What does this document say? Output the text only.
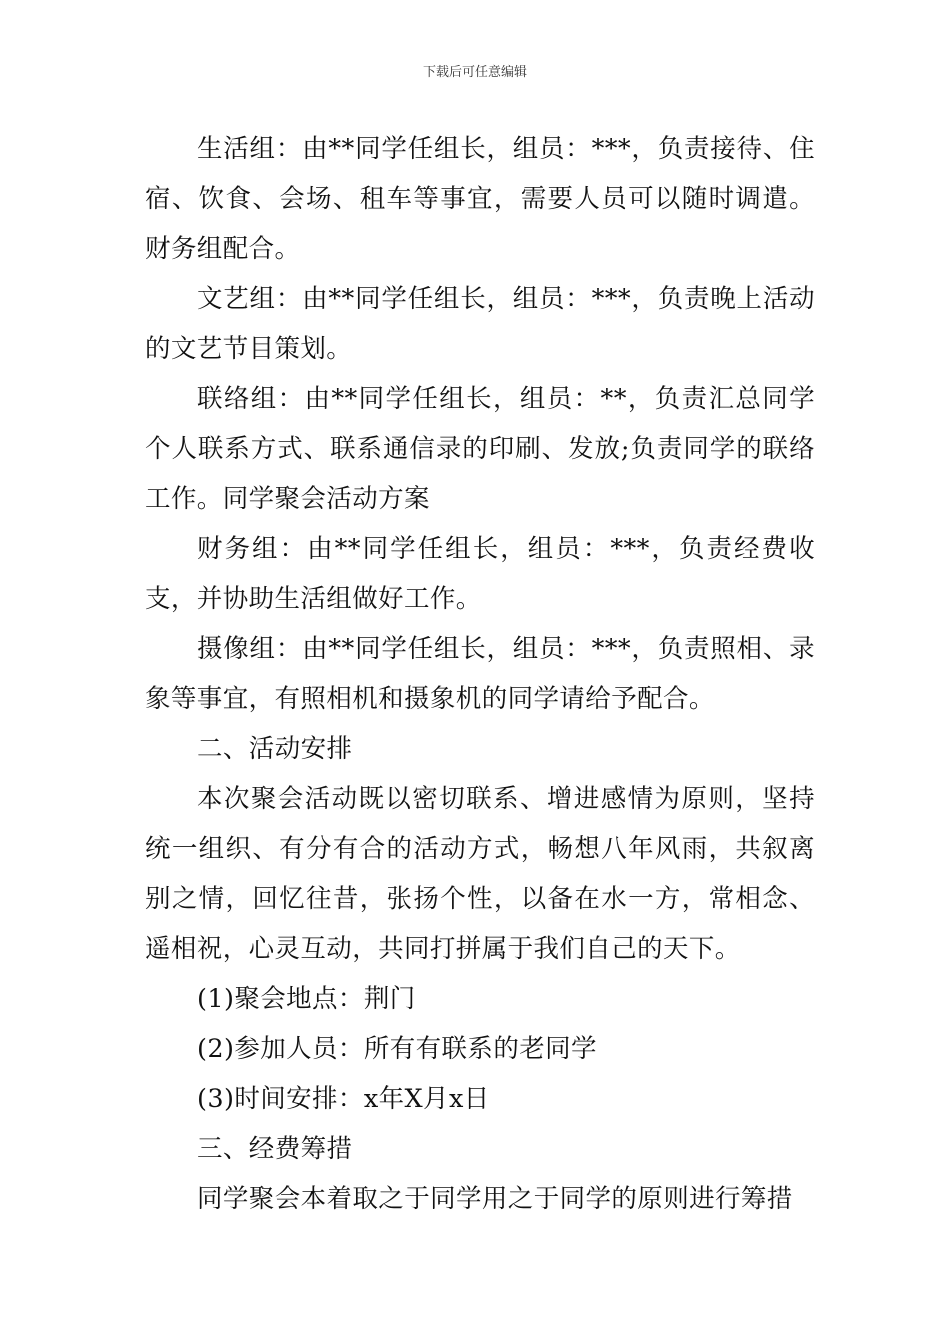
下载后可任意编辑

生活组：由**同学任组长，组员：***，负责接待、住宿、饮食、会场、租车等事宜，需要人员可以随时调遣。财务组配合。

文艺组：由**同学任组长，组员：***，负责晚上活动的文艺节目策划。

联络组：由**同学任组长，组员：**，负责汇总同学个人联系方式、联系通信录的印刷、发放;负责同学的联络工作。同学聚会活动方案

财务组：由**同学任组长，组员：***，负责经费收支，并协助生活组做好工作。

摄像组：由**同学任组长，组员：***，负责照相、录象等事宜，有照相机和摄象机的同学请给予配合。

二、活动安排

本次聚会活动既以密切联系、增进感情为原则，坚持统一组织、有分有合的活动方式，畅想八年风雨，共叙离别之情，回忆往昔，张扬个性，以备在水一方，常相念、遥相祝，心灵互动，共同打拼属于我们自己的天下。

(1)聚会地点：荆门

(2)参加人员：所有有联系的老同学

(3)时间安排：x年X月x日

三、经费筹措

同学聚会本着取之于同学用之于同学的原则进行筹措
